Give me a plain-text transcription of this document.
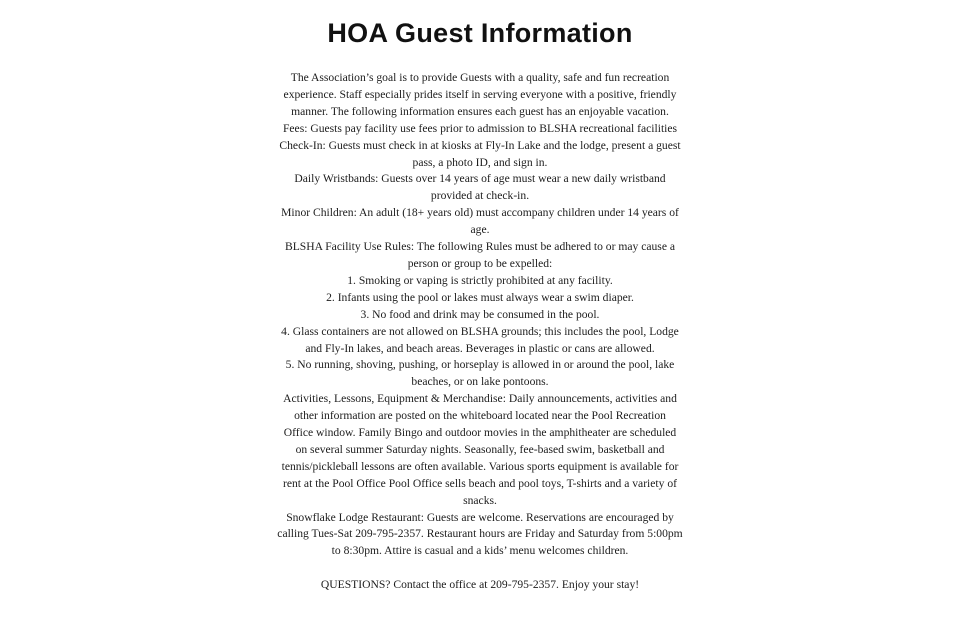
HOA Guest Information
The Association’s goal is to provide Guests with a quality, safe and fun recreation
experience. Staff especially prides itself in serving everyone with a positive, friendly
manner. The following information ensures each guest has an enjoyable vacation.
Fees: Guests pay facility use fees prior to admission to BLSHA recreational facilities
Check-In: Guests must check in at kiosks at Fly-In Lake and the lodge, present a guest
pass, a photo ID, and sign in.
Daily Wristbands: Guests over 14 years of age must wear a new daily wristband
provided at check-in.
Minor Children: An adult (18+ years old) must accompany children under 14 years of
age.
BLSHA Facility Use Rules: The following Rules must be adhered to or may cause a
person or group to be expelled:
1. Smoking or vaping is strictly prohibited at any facility.
2. Infants using the pool or lakes must always wear a swim diaper.
3. No food and drink may be consumed in the pool.
4. Glass containers are not allowed on BLSHA grounds; this includes the pool, Lodge
and Fly-In lakes, and beach areas. Beverages in plastic or cans are allowed.
5. No running, shoving, pushing, or horseplay is allowed in or around the pool, lake
beaches, or on lake pontoons.
Activities, Lessons, Equipment & Merchandise: Daily announcements, activities and
other information are posted on the whiteboard located near the Pool Recreation
Office window. Family Bingo and outdoor movies in the amphitheater are scheduled
on several summer Saturday nights. Seasonally, fee-based swim, basketball and
tennis/pickleball lessons are often available. Various sports equipment is available for
rent at the Pool Office Pool Office sells beach and pool toys, T-shirts and a variety of
snacks.
Snowflake Lodge Restaurant: Guests are welcome. Reservations are encouraged by
calling Tues-Sat 209-795-2357. Restaurant hours are Friday and Saturday from 5:00pm
to 8:30pm. Attire is casual and a kids’ menu welcomes children.
QUESTIONS? Contact the office at 209-795-2357. Enjoy your stay!
